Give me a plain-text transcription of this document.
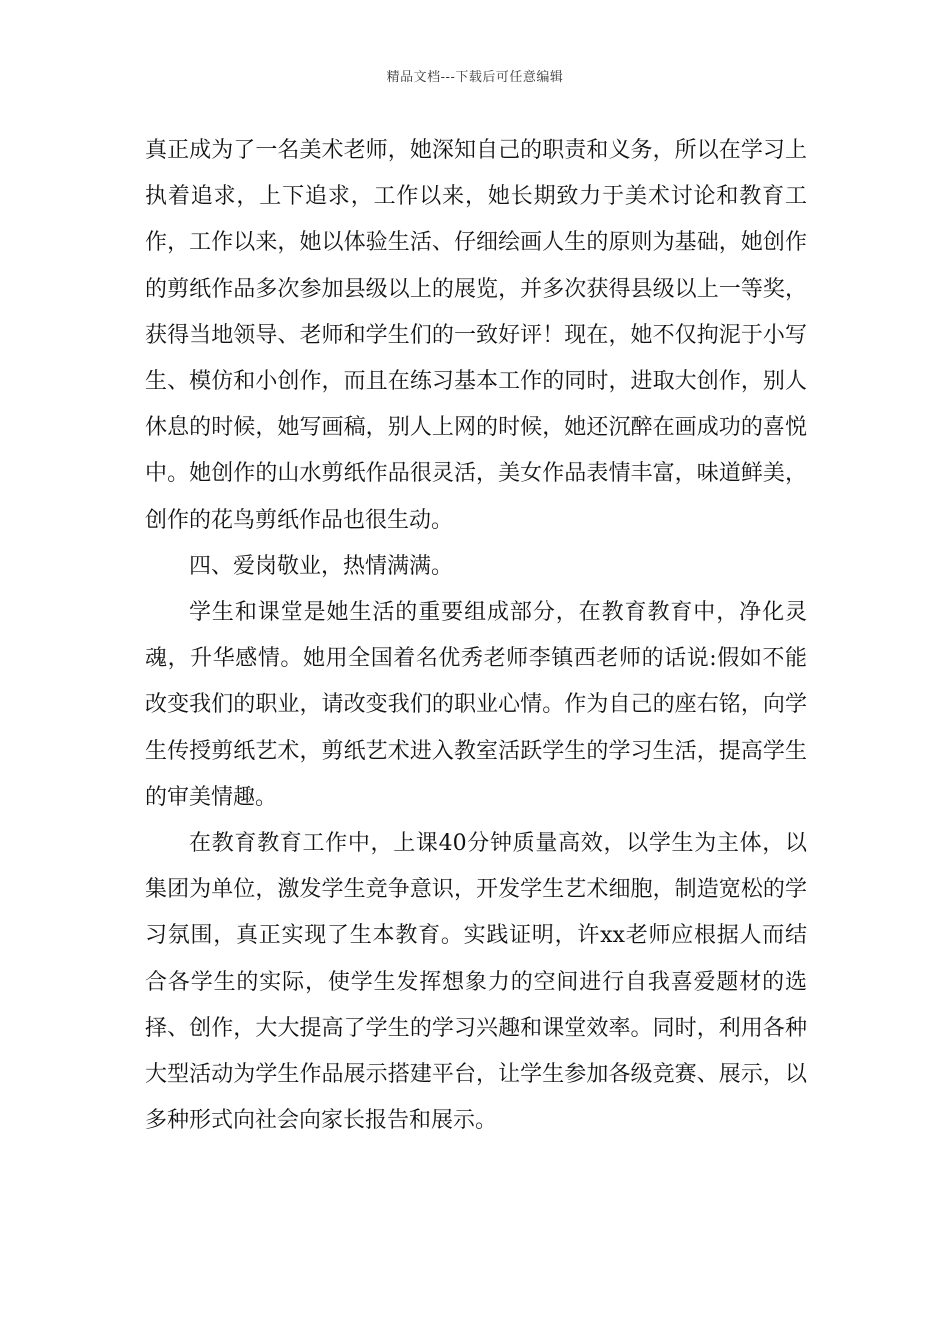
精品文档---下载后可任意编辑

真正成为了一名美术老师，她深知自己的职责和义务，所以在学习上执着追求，上下追求，工作以来，她长期致力于美术讨论和教育工作，工作以来，她以体验生活、仔细绘画人生的原则为基础，她创作的剪纸作品多次参加县级以上的展览，并多次获得县级以上一等奖，获得当地领导、老师和学生们的一致好评！现在，她不仅拘泥于小写生、模仿和小创作，而且在练习基本工作的同时，进取大创作，别人休息的时候，她写画稿，别人上网的时候，她还沉醉在画成功的喜悦中。她创作的山水剪纸作品很灵活，美女作品表情丰富，味道鲜美，创作的花鸟剪纸作品也很生动。

四、爱岗敬业，热情满满。

学生和课堂是她生活的重要组成部分，在教育教育中，净化灵魂，升华感情。她用全国着名优秀老师李镇西老师的话说:假如不能改变我们的职业，请改变我们的职业心情。作为自己的座右铭，向学生传授剪纸艺术，剪纸艺术进入教室活跃学生的学习生活，提高学生的审美情趣。

在教育教育工作中，上课40分钟质量高效，以学生为主体，以集团为单位，激发学生竞争意识，开发学生艺术细胞，制造宽松的学习氛围，真正实现了生本教育。实践证明，许xx老师应根据人而结合各学生的实际，使学生发挥想象力的空间进行自我喜爱题材的选择、创作，大大提高了学生的学习兴趣和课堂效率。同时，利用各种大型活动为学生作品展示搭建平台，让学生参加各级竞赛、展示，以多种形式向社会向家长报告和展示。
